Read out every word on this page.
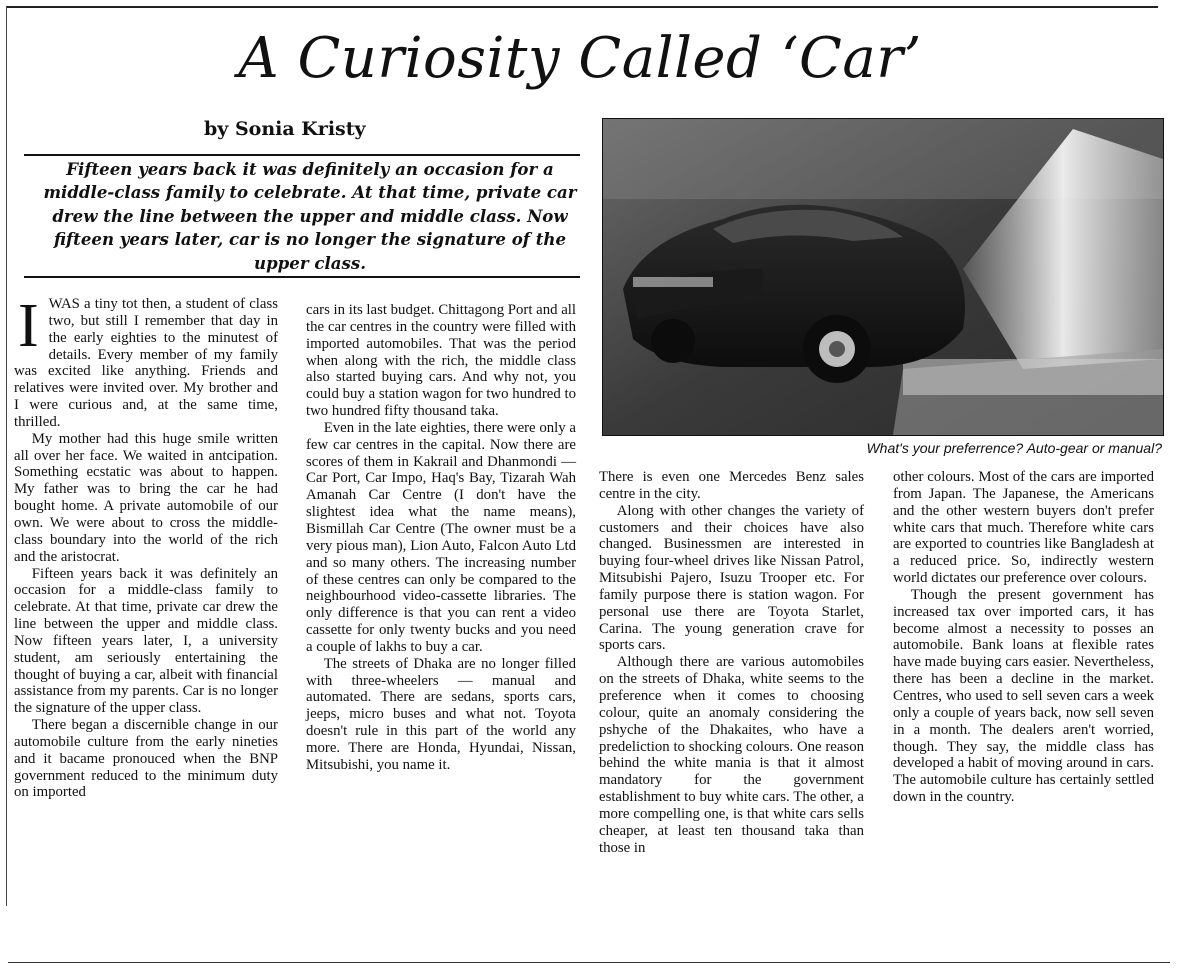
A Curiosity Called ‘Car’
by Sonia Kristy

Fifteen years back it was definitely an occasion for a middle-class family to celebrate. At that time, private car drew the line between the upper and middle class. Now fifteen years later, car is no longer the signature of the upper class.

What's your preferrence? Auto-gear or manual?
I WAS a tiny tot then, a student of class two, but still I remember that day in the early eighties to the minutest of details. Every member of my family was excited like anything. Friends and relatives were invited over. My brother and I were curious and, at the same time, thrilled.

My mother had this huge smile written all over her face. We waited in antcipation. Something ecstatic was about to happen. My father was to bring the car he had bought home. A private automobile of our own. We were about to cross the middle-class boundary into the world of the rich and the aristocrat.

Fifteen years back it was definitely an occasion for a middle-class family to celebrate. At that time, private car drew the line between the upper and middle class. Now fifteen years later, I, a university student, am seriously entertaining the thought of buying a car, albeit with financial assistance from my parents. Car is no longer the signature of the upper class.

There began a discernible change in our automobile culture from the early nineties and it bacame pronouced when the BNP government reduced to the minimum duty on imported

cars in its last budget. Chittagong Port and all the car centres in the country were filled with imported automobiles. That was the period when along with the rich, the middle class also started buying cars. And why not, you could buy a station wagon for two hundred to two hundred fifty thousand taka.

Even in the late eighties, there were only a few car centres in the capital. Now there are scores of them in Kakrail and Dhanmondi — Car Port, Car Impo, Haq's Bay, Tizarah Wah Amanah Car Centre (I don't have the slightest idea what the name means), Bismillah Car Centre (The owner must be a very pious man), Lion Auto, Falcon Auto Ltd and so many others. The increasing number of these centres can only be compared to the neighbourhood video-cassette libraries. The only difference is that you can rent a video cassette for only twenty bucks and you need a couple of lakhs to buy a car.

The streets of Dhaka are no longer filled with three-wheelers — manual and automated. There are sedans, sports cars, jeeps, micro buses and what not. Toyota doesn't rule in this part of the world any more. There are Honda, Hyundai, Nissan, Mitsubishi, you name it.

There is even one Mercedes Benz sales centre in the city.

Along with other changes the variety of customers and their choices have also changed. Businessmen are interested in buying four-wheel drives like Nissan Patrol, Mitsubishi Pajero, Isuzu Trooper etc. For family purpose there is station wagon. For personal use there are Toyota Starlet, Carina. The young generation crave for sports cars.

Although there are various automobiles on the streets of Dhaka, white seems to the preference when it comes to choosing colour, quite an anomaly considering the pshyche of the Dhakaites, who have a predeliction to shocking colours. One reason behind the white mania is that it almost mandatory for the government establishment to buy white cars. The other, a more compelling one, is that white cars sells cheaper, at least ten thousand taka than those in

other colours. Most of the cars are imported from Japan. The Japanese, the Americans and the other western buyers don't prefer white cars that much. Therefore white cars are exported to countries like Bangladesh at a reduced price. So, indirectly western world dictates our preference over colours.

Though the present government has increased tax over imported cars, it has become almost a necessity to posses an automobile. Bank loans at flexible rates have made buying cars easier. Nevertheless, there has been a decline in the market. Centres, who used to sell seven cars a week only a couple of years back, now sell seven in a month. The dealers aren't worried, though. They say, the middle class has developed a habit of moving around in cars. The automobile culture has certainly settled down in the country.
